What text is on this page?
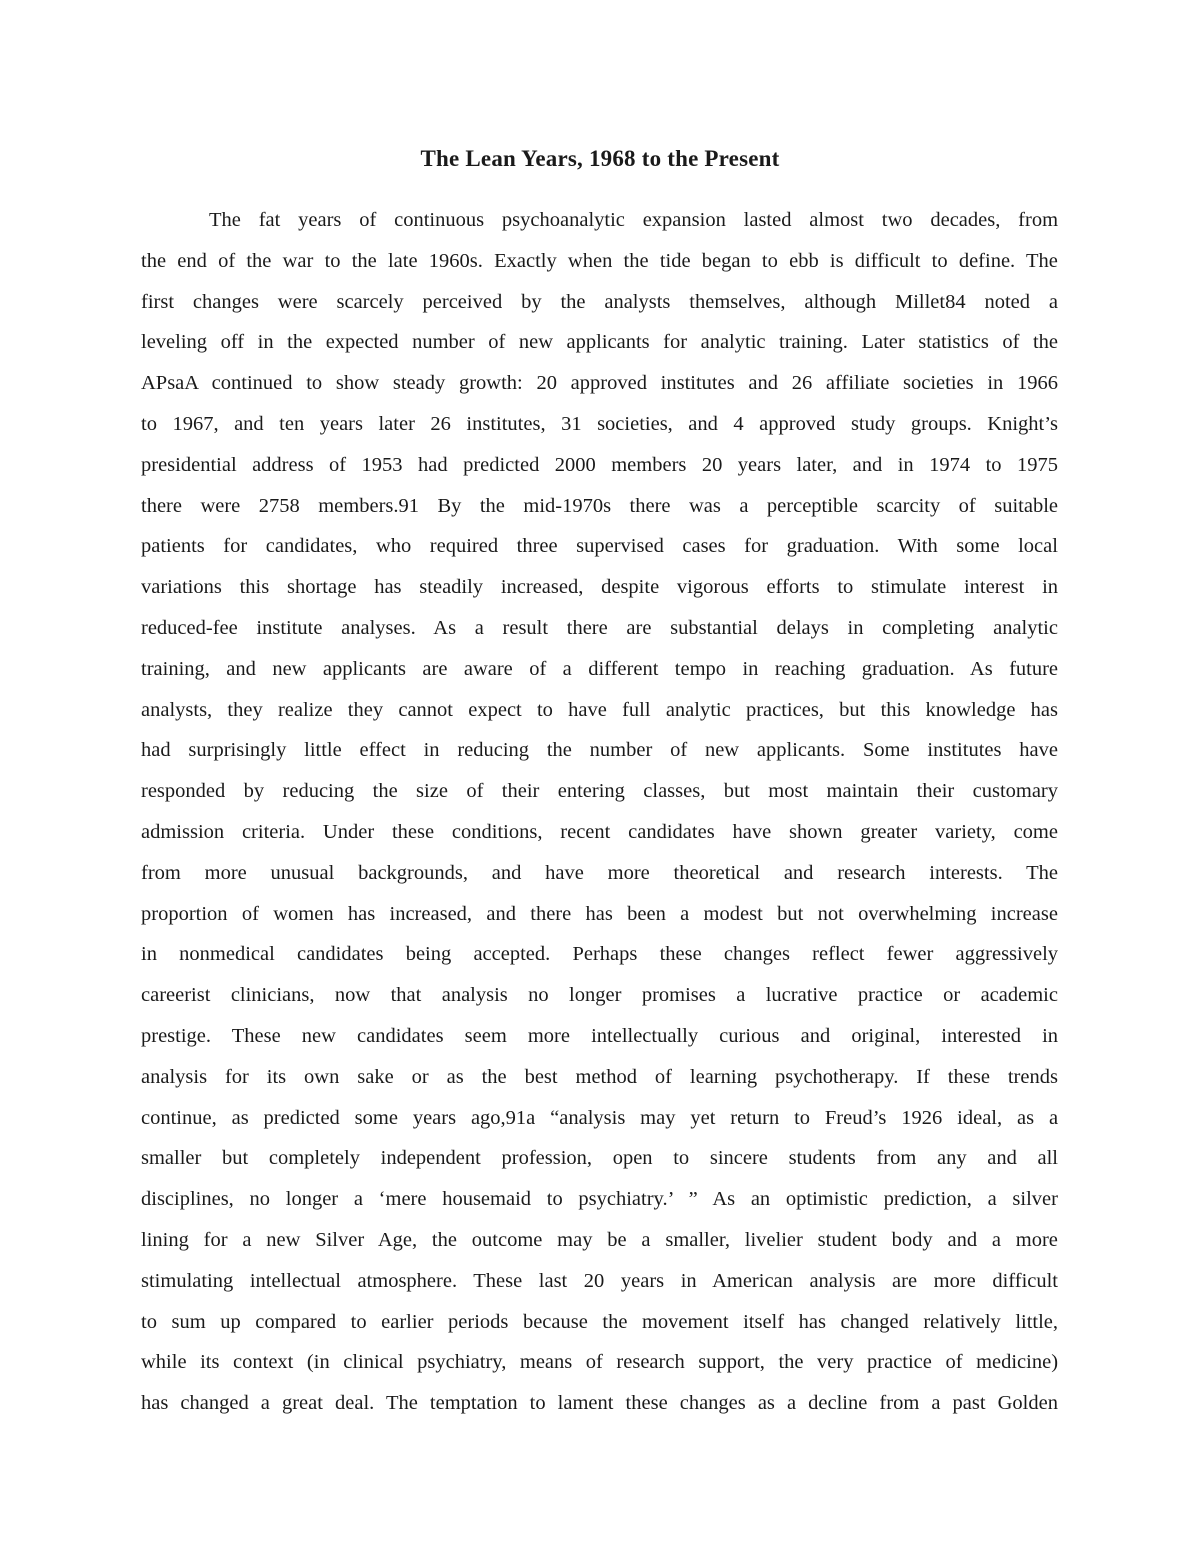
The Lean Years, 1968 to the Present
The fat years of continuous psychoanalytic expansion lasted almost two decades, from
the end of the war to the late 1960s. Exactly when the tide began to ebb is difficult to define. The
first changes were scarcely perceived by the analysts themselves, although Millet84 noted a
leveling off in the expected number of new applicants for analytic training. Later statistics of the
APsaA continued to show steady growth: 20 approved institutes and 26 affiliate societies in 1966
to 1967, and ten years later 26 institutes, 31 societies, and 4 approved study groups. Knight’s
presidential address of 1953 had predicted 2000 members 20 years later, and in 1974 to 1975
there were 2758 members.91 By the mid-1970s there was a perceptible scarcity of suitable
patients for candidates, who required three supervised cases for graduation. With some local
variations this shortage has steadily increased, despite vigorous efforts to stimulate interest in
reduced-fee institute analyses. As a result there are substantial delays in completing analytic
training, and new applicants are aware of a different tempo in reaching graduation. As future
analysts, they realize they cannot expect to have full analytic practices, but this knowledge has
had surprisingly little effect in reducing the number of new applicants. Some institutes have
responded by reducing the size of their entering classes, but most maintain their customary
admission criteria. Under these conditions, recent candidates have shown greater variety, come
from more unusual backgrounds, and have more theoretical and research interests. The
proportion of women has increased, and there has been a modest but not overwhelming increase
in nonmedical candidates being accepted. Perhaps these changes reflect fewer aggressively
careerist clinicians, now that analysis no longer promises a lucrative practice or academic
prestige. These new candidates seem more intellectually curious and original, interested in
analysis for its own sake or as the best method of learning psychotherapy. If these trends
continue, as predicted some years ago,91a “analysis may yet return to Freud’s 1926 ideal, as a
smaller but completely independent profession, open to sincere students from any and all
disciplines, no longer a ‘mere housemaid to psychiatry.’ ” As an optimistic prediction, a silver
lining for a new Silver Age, the outcome may be a smaller, livelier student body and a more
stimulating intellectual atmosphere. These last 20 years in American analysis are more difficult
to sum up compared to earlier periods because the movement itself has changed relatively little,
while its context (in clinical psychiatry, means of research support, the very practice of medicine)
has changed a great deal. The temptation to lament these changes as a decline from a past Golden
